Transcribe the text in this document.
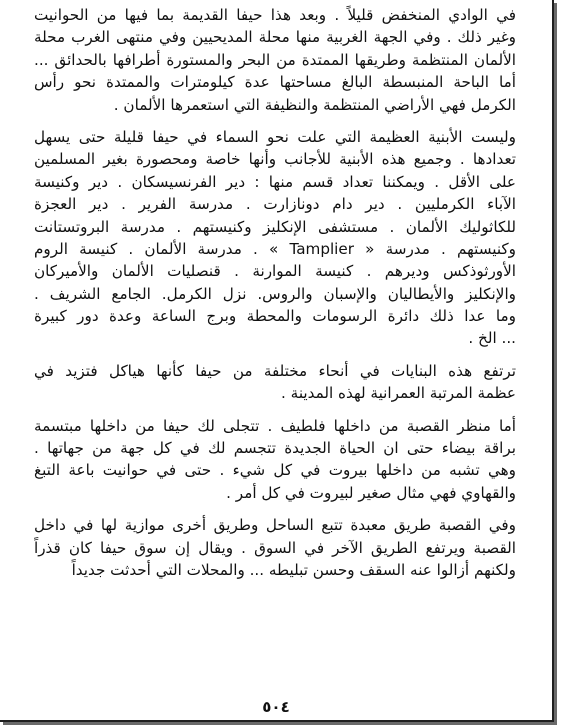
في الوادي المنخفض قليلاً . وبعد هذا حيفا القديمة بما فيها من الحوانيت
وغير ذلك . وفي الجهة الغربية منها محلة المديحيين وفي منتهى الغرب محلة
الألمان المنتظمة وطريقها الممتدة من البحر والمستورة أطرافها بالحدائق ...
أما الباحة المنبسطة البالغ مساحتها عدة كيلومترات والممتدة نحو رأس
الكرمل فهي الأراضي المنتظمة والنظيفة التي استعمرها الألمان .
وليست الأبنية العظيمة التي علت نحو السماء في حيفا قليلة حتى يسهل
تعدادها . وجميع هذه الأبنية للأجانب وأنها خاصة ومحصورة بغير المسلمين
على الأقل . ويمكننا تعداد قسم منها : دير الفرنسيسكان . دير وكنيسة
الآباء الكرمليين . دير دام دونازارت . مدرسة الفرير . دير العجزة
للكاثوليك الألمان . مستشفى الإنكليز وكنيستهم . مدرسة البروتستانت
وكنيستهم . مدرسة « Tamplier » . مدرسة الألمان . كنيسة الروم
الأورثوذكس وديرهم . كنيسة الموارنة . قنصليات الألمان والأميركان
والإنكليز والأيطاليان والإسبان والروس. نزل الكرمل. الجامع الشريف .
وما عدا ذلك دائرة الرسومات والمحطة وبرج الساعة وعدة دور كبيرة
... الخ .
ترتفع هذه البنايات في أنحاء مختلفة من حيفا كأنها هياكل فتزيد في
عظمة المرتبة العمرانية لهذه المدينة .
أما منظر القصبة من داخلها فلطيف . تتجلى لك حيفا من داخلها مبتسمة
براقة بيضاء حتى ان الحياة الجديدة تتجسم لك في كل جهة من جهاتها .
وهي تشبه من داخلها بيروت في كل شيء . حتى في حوانيت باعة التبغ
والقهاوي فهي مثال صغير لبيروت في كل أمر .
وفي القصبة طريق معبدة تتبع الساحل وطريق أخرى موازية لها في داخل
القصبة ويرتفع الطريق الآخر في السوق . ويقال إن سوق حيفا كان قذراً
ولكنهم أزالوا عنه السقف وحسن تبليطه ... والمحلات التي أحدثت جديداً
٥٠٤
